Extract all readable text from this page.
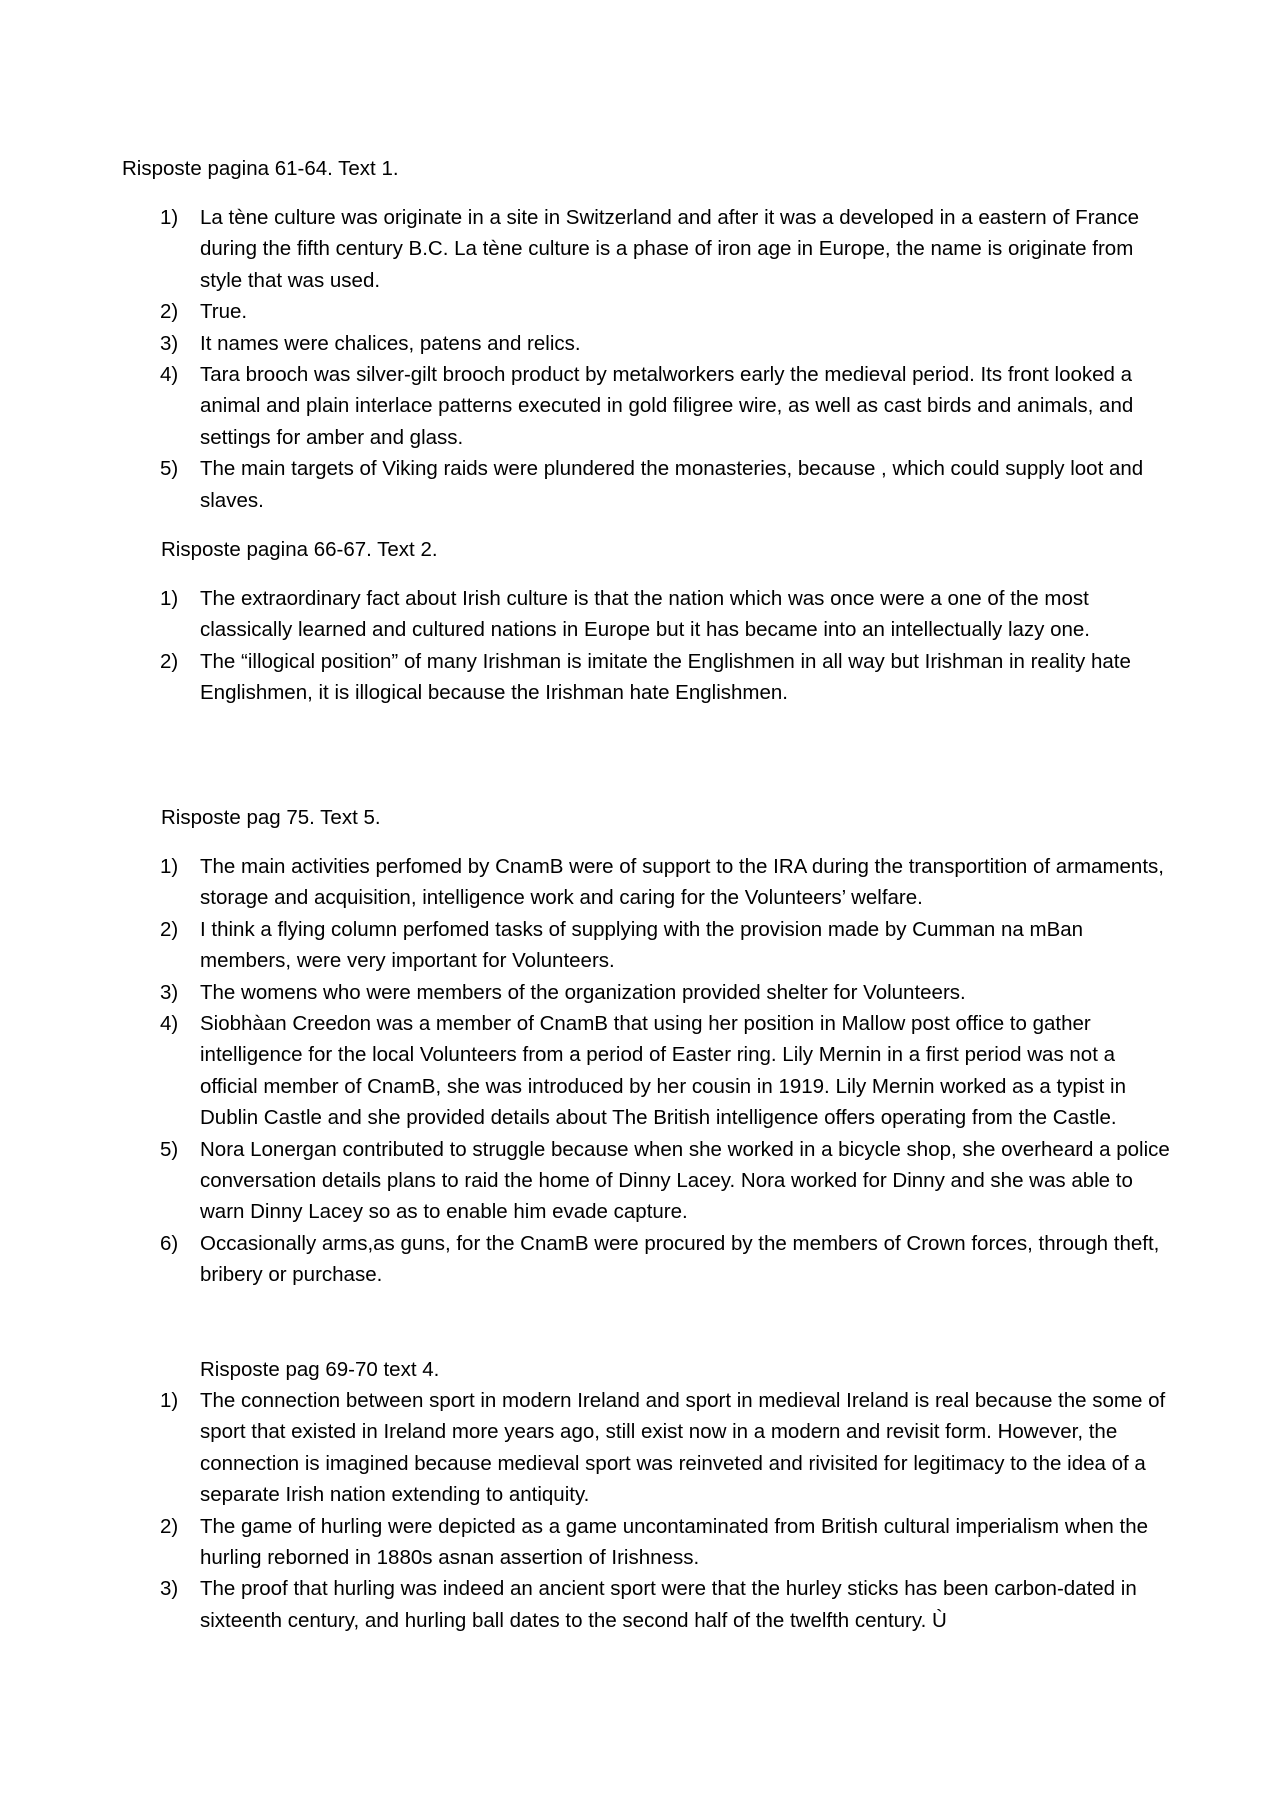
Risposte pagina 61-64. Text 1.
1) La tène culture was originate in a site in Switzerland and after it was a developed in a eastern of France during the fifth century B.C. La tène culture is a phase of iron age in Europe, the name is originate from style that was used.
2) True.
3) It names were chalices, patens and relics.
4) Tara brooch was silver-gilt brooch product by metalworkers early the medieval period. Its front looked a animal and plain interlace patterns executed in gold filigree wire, as well as cast birds and animals, and settings for amber and glass.
5) The main targets of Viking raids were plundered the monasteries, because , which could supply loot and slaves.
Risposte pagina 66-67. Text 2.
1) The extraordinary fact about Irish culture is that the nation which was once were a one of the most classically learned and cultured nations in Europe but it has became into an intellectually lazy one.
2) The “illogical position” of many Irishman is imitate the Englishmen in all way but Irishman in reality hate Englishmen, it is illogical because the Irishman hate Englishmen.
Risposte pag 75. Text 5.
1) The main activities perfomed by CnamB were of support to the IRA during the transportition of armaments, storage and acquisition, intelligence work and caring for the Volunteers’ welfare.
2) I think a flying column perfomed tasks of supplying with the provision made by Cumman na mBan members, were very important for Volunteers.
3) The womens who were members of the organization provided shelter for Volunteers.
4) Siobhàan Creedon was a member of CnamB that using her position in Mallow post office to gather intelligence for the local Volunteers from a period of Easter ring. Lily Mernin in a first period was not a official member of CnamB, she was introduced by her cousin in 1919. Lily Mernin worked as a typist in Dublin Castle and she provided details about The British intelligence offers operating from the Castle.
5) Nora Lonergan contributed to struggle because when she worked in a bicycle shop, she overheard a police conversation details plans to raid the home of Dinny Lacey. Nora worked for Dinny and she was able to warn Dinny Lacey so as to enable him evade capture.
6) Occasionally arms,as guns, for the CnamB were procured by the members of Crown forces, through theft, bribery or purchase.
Risposte pag 69-70 text 4.
1) The connection between sport in modern Ireland and sport in medieval Ireland is real because the some of sport that existed in Ireland more years ago, still exist now in a modern and revisit form. However, the connection is imagined because medieval sport was reinveted and rivisited for legitimacy to the idea of a separate Irish nation extending to antiquity.
2) The game of hurling were depicted as a game uncontaminated from British cultural imperialism when the hurling reborned in 1880s asnan assertion of Irishness.
3) The proof that hurling was indeed an ancient sport were that the hurley sticks has been carbon-dated in sixteenth century, and hurling ball dates to the second half of the twelfth century. Ù
